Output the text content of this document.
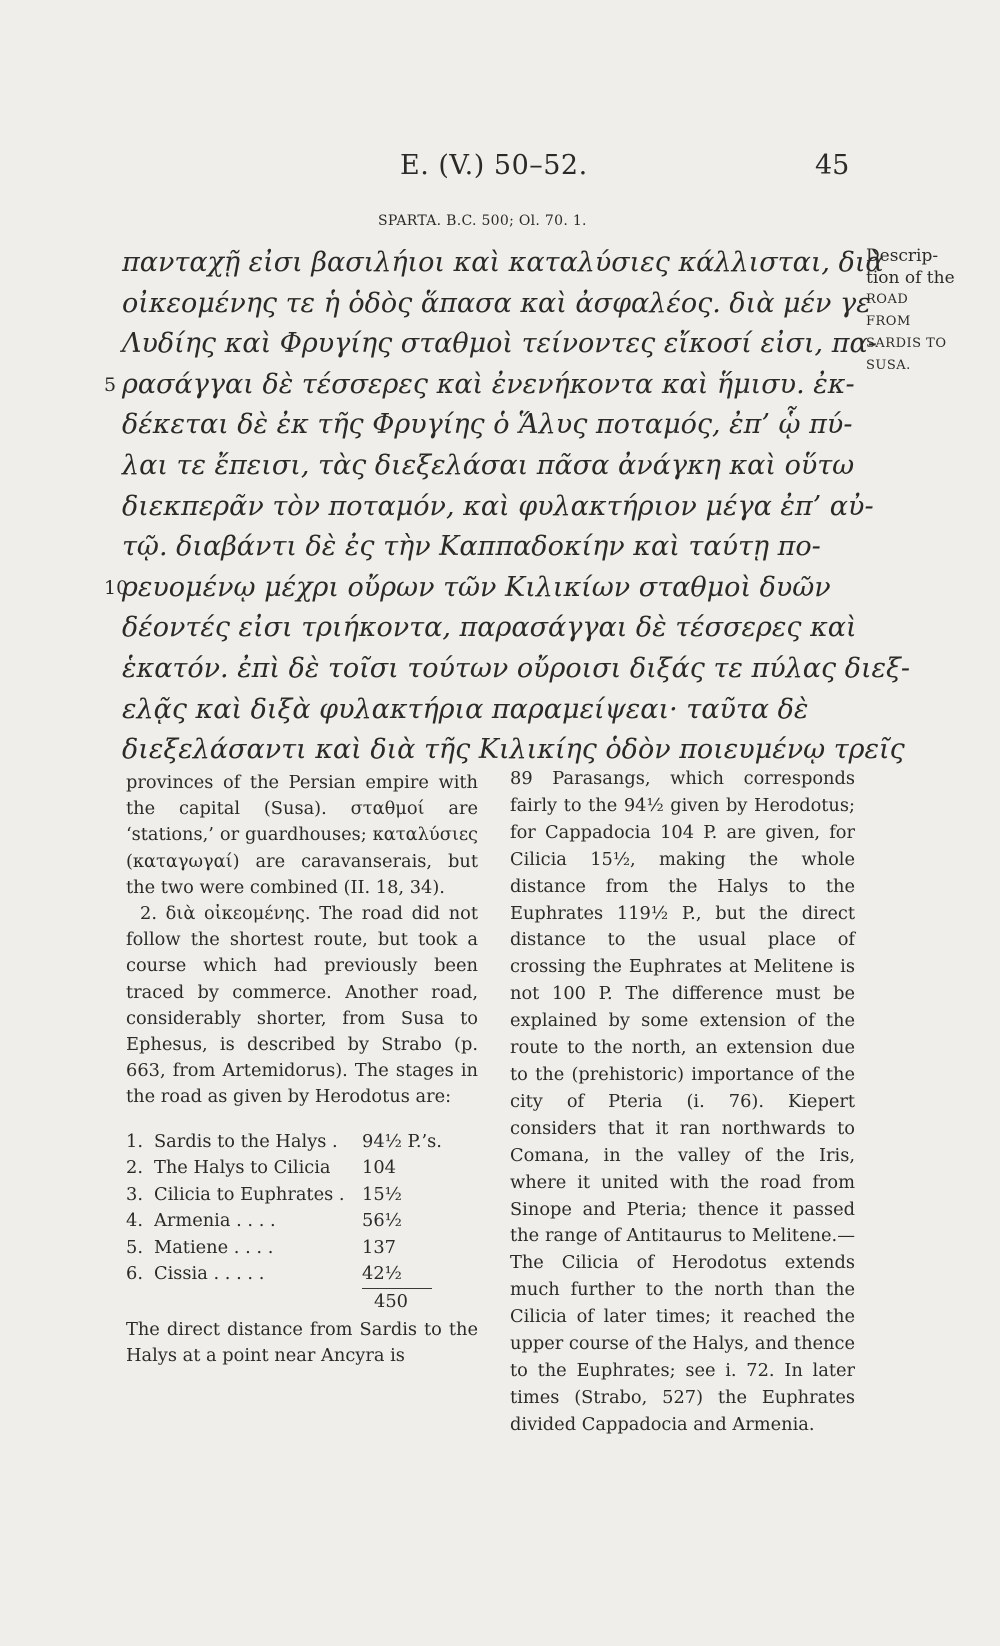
E. (V.) 50–52.	45
SPARTA. B.C. 500; Ol. 70. 1.
πανταχῇ εἰσι βασιλήιοι καὶ καταλύσιες κάλλισται, διὰ
οἰκεομένης τε ἡ ὁδὸς ἅπασα καὶ ἀσφαλέος. διὰ μέν γε
Λυδίης καὶ Φρυγίης σταθμοὶ τείνοντες εἴκοσί εἰσι, πα-
5 ρασάγγαι δὲ τέσσερες καὶ ἐνενήκοντα καὶ ἥμισυ. ἐκ-
δέκεται δὲ ἐκ τῆς Φρυγίης ὁ Ἅλυς ποταμός, ἐπ’ ᾧ πύ-
λαι τε ἔπεισι, τὰς διεξελάσαι πᾶσα ἀνάγκη καὶ οὕτω
διεκπερᾶν τὸν ποταμόν, καὶ φυλακτήριον μέγα ἐπ’ αὐ-
τῷ. διαβάντι δὲ ἐς τὴν Καππαδοκίην καὶ ταύτῃ πο-
10
ρευομένῳ μέχρι οὔρων τῶν Κιλικίων σταθμοὶ δυῶν
δέοντές εἰσι τριήκοντα, παρασάγγαι δὲ τέσσερες καὶ
ἑκατόν. ἐπὶ δὲ τοῖσι τούτων οὔροισι διξάς τε πύλας διεξ-
ελᾷς καὶ διξὰ φυλακτήρια παραμείψεαι· ταῦτα δὲ
διεξελάσαντι καὶ διὰ τῆς Κιλικίης ὁδὸν ποιευμένῳ τρεῖς
Descrip-
tion of the
ROAD
FROM
SARDIS TO
SUSA.

provinces of the Persian empire with the capital (Susa). σταθμοί are ‘stations,’ or guardhouses; καταλύσιες (καταγωγαί) are caravanserais, but the two were combined (II. 18, 34).

2. διὰ οἰκεομένης. The road did not follow the shortest route, but took a course which had previously been traced by commerce. Another road, considerably shorter, from Susa to Ephesus, is described by Strabo (p. 663, from Artemidorus). The stages in the road as given by Herodotus are:

1. Sardis to the Halys .	94½ P.’s.
2. The Halys to Cilicia	104
3. Cilicia to Euphrates . 15½
4. Armenia . . . .	56½
5. Matiene . . . .	137
6. Cissia . . . . .	42½
450

The direct distance from Sardis to the Halys at a point near Ancyra is

89 Parasangs, which corresponds fairly to the 94½ given by Herodotus; for Cappadocia 104 P. are given, for Cilicia 15½, making the whole distance from the Halys to the Euphrates 119½ P., but the direct distance to the usual place of crossing the Euphrates at Melitene is not 100 P. The difference must be explained by some extension of the route to the north, an extension due to the (prehistoric) importance of the city of Pteria (i. 76). Kiepert considers that it ran northwards to Comana, in the valley of the Iris, where it united with the road from Sinope and Pteria; thence it passed the range of Antitaurus to Melitene.—The Cilicia of Herodotus extends much further to the north than the Cilicia of later times; it reached the upper course of the Halys, and thence to the Euphrates; see i. 72. In later times (Strabo, 527) the Euphrates divided Cappadocia and Armenia.
